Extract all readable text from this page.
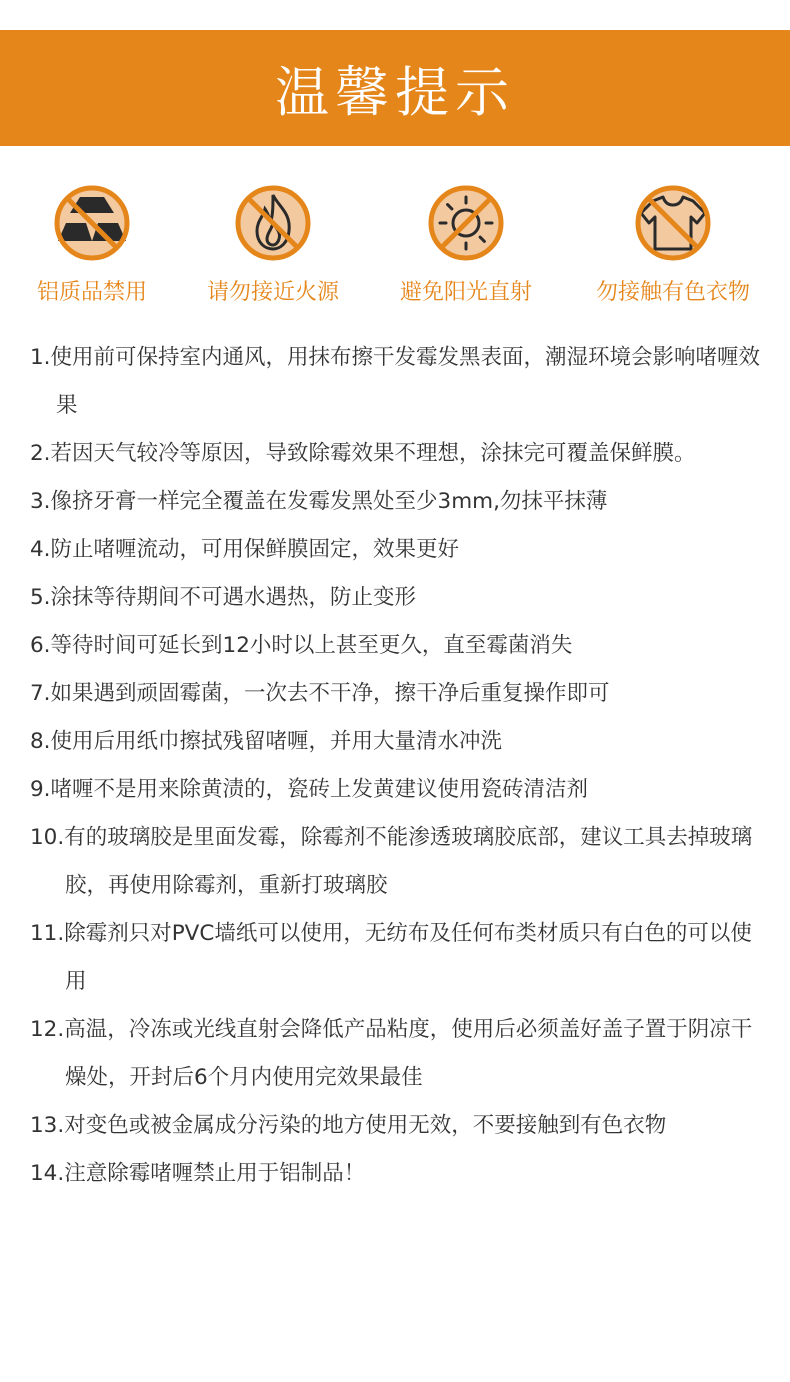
温馨提示
铝质品禁用	请勿接近火源	避免阳光直射	勿接触有色衣物
1.使用前可保持室内通风，用抹布擦干发霉发黑表面，潮湿环境会影响啫喱效果
2.若因天气较冷等原因，导致除霉效果不理想，涂抹完可覆盖保鲜膜。
3.像挤牙膏一样完全覆盖在发霉发黑处至少3mm,勿抹平抹薄
4.防止啫喱流动，可用保鲜膜固定，效果更好
5.涂抹等待期间不可遇水遇热，防止变形
6.等待时间可延长到12小时以上甚至更久，直至霉菌消失
7.如果遇到顽固霉菌，一次去不干净，擦干净后重复操作即可
8.使用后用纸巾擦拭残留啫喱，并用大量清水冲洗
9.啫喱不是用来除黄渍的，瓷砖上发黄建议使用瓷砖清洁剂
10.有的玻璃胶是里面发霉，除霉剂不能渗透玻璃胶底部，建议工具去掉玻璃胶，再使用除霉剂，重新打玻璃胶
11.除霉剂只对PVC墙纸可以使用，无纺布及任何布类材质只有白色的可以使用
12.高温，冷冻或光线直射会降低产品粘度，使用后必须盖好盖子置于阴凉干燥处，开封后6个月内使用完效果最佳
13.对变色或被金属成分污染的地方使用无效，不要接触到有色衣物
14.注意除霉啫喱禁止用于铝制品！
